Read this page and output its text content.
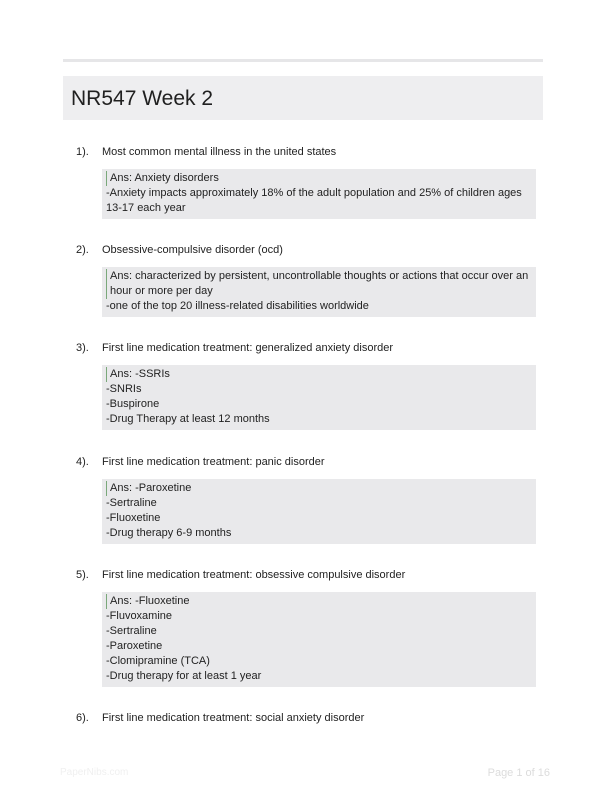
NR547 Week 2
1). Most common mental illness in the united states
Ans: Anxiety disorders
-Anxiety impacts approximately 18% of the adult population and 25% of children ages 13-17 each year
2). Obsessive-compulsive disorder (ocd)
Ans: characterized by persistent, uncontrollable thoughts or actions that occur over an hour or more per day
-one of the top 20 illness-related disabilities worldwide
3). First line medication treatment: generalized anxiety disorder
Ans: -SSRIs
-SNRIs
-Buspirone
-Drug Therapy at least 12 months
4). First line medication treatment: panic disorder
Ans: -Paroxetine
-Sertraline
-Fluoxetine
-Drug therapy 6-9 months
5). First line medication treatment: obsessive compulsive disorder
Ans: -Fluoxetine
-Fluvoxamine
-Sertraline
-Paroxetine
-Clomipramine (TCA)
-Drug therapy for at least 1 year
6). First line medication treatment: social anxiety disorder
PaperNibs.com	Page 1 of 16
